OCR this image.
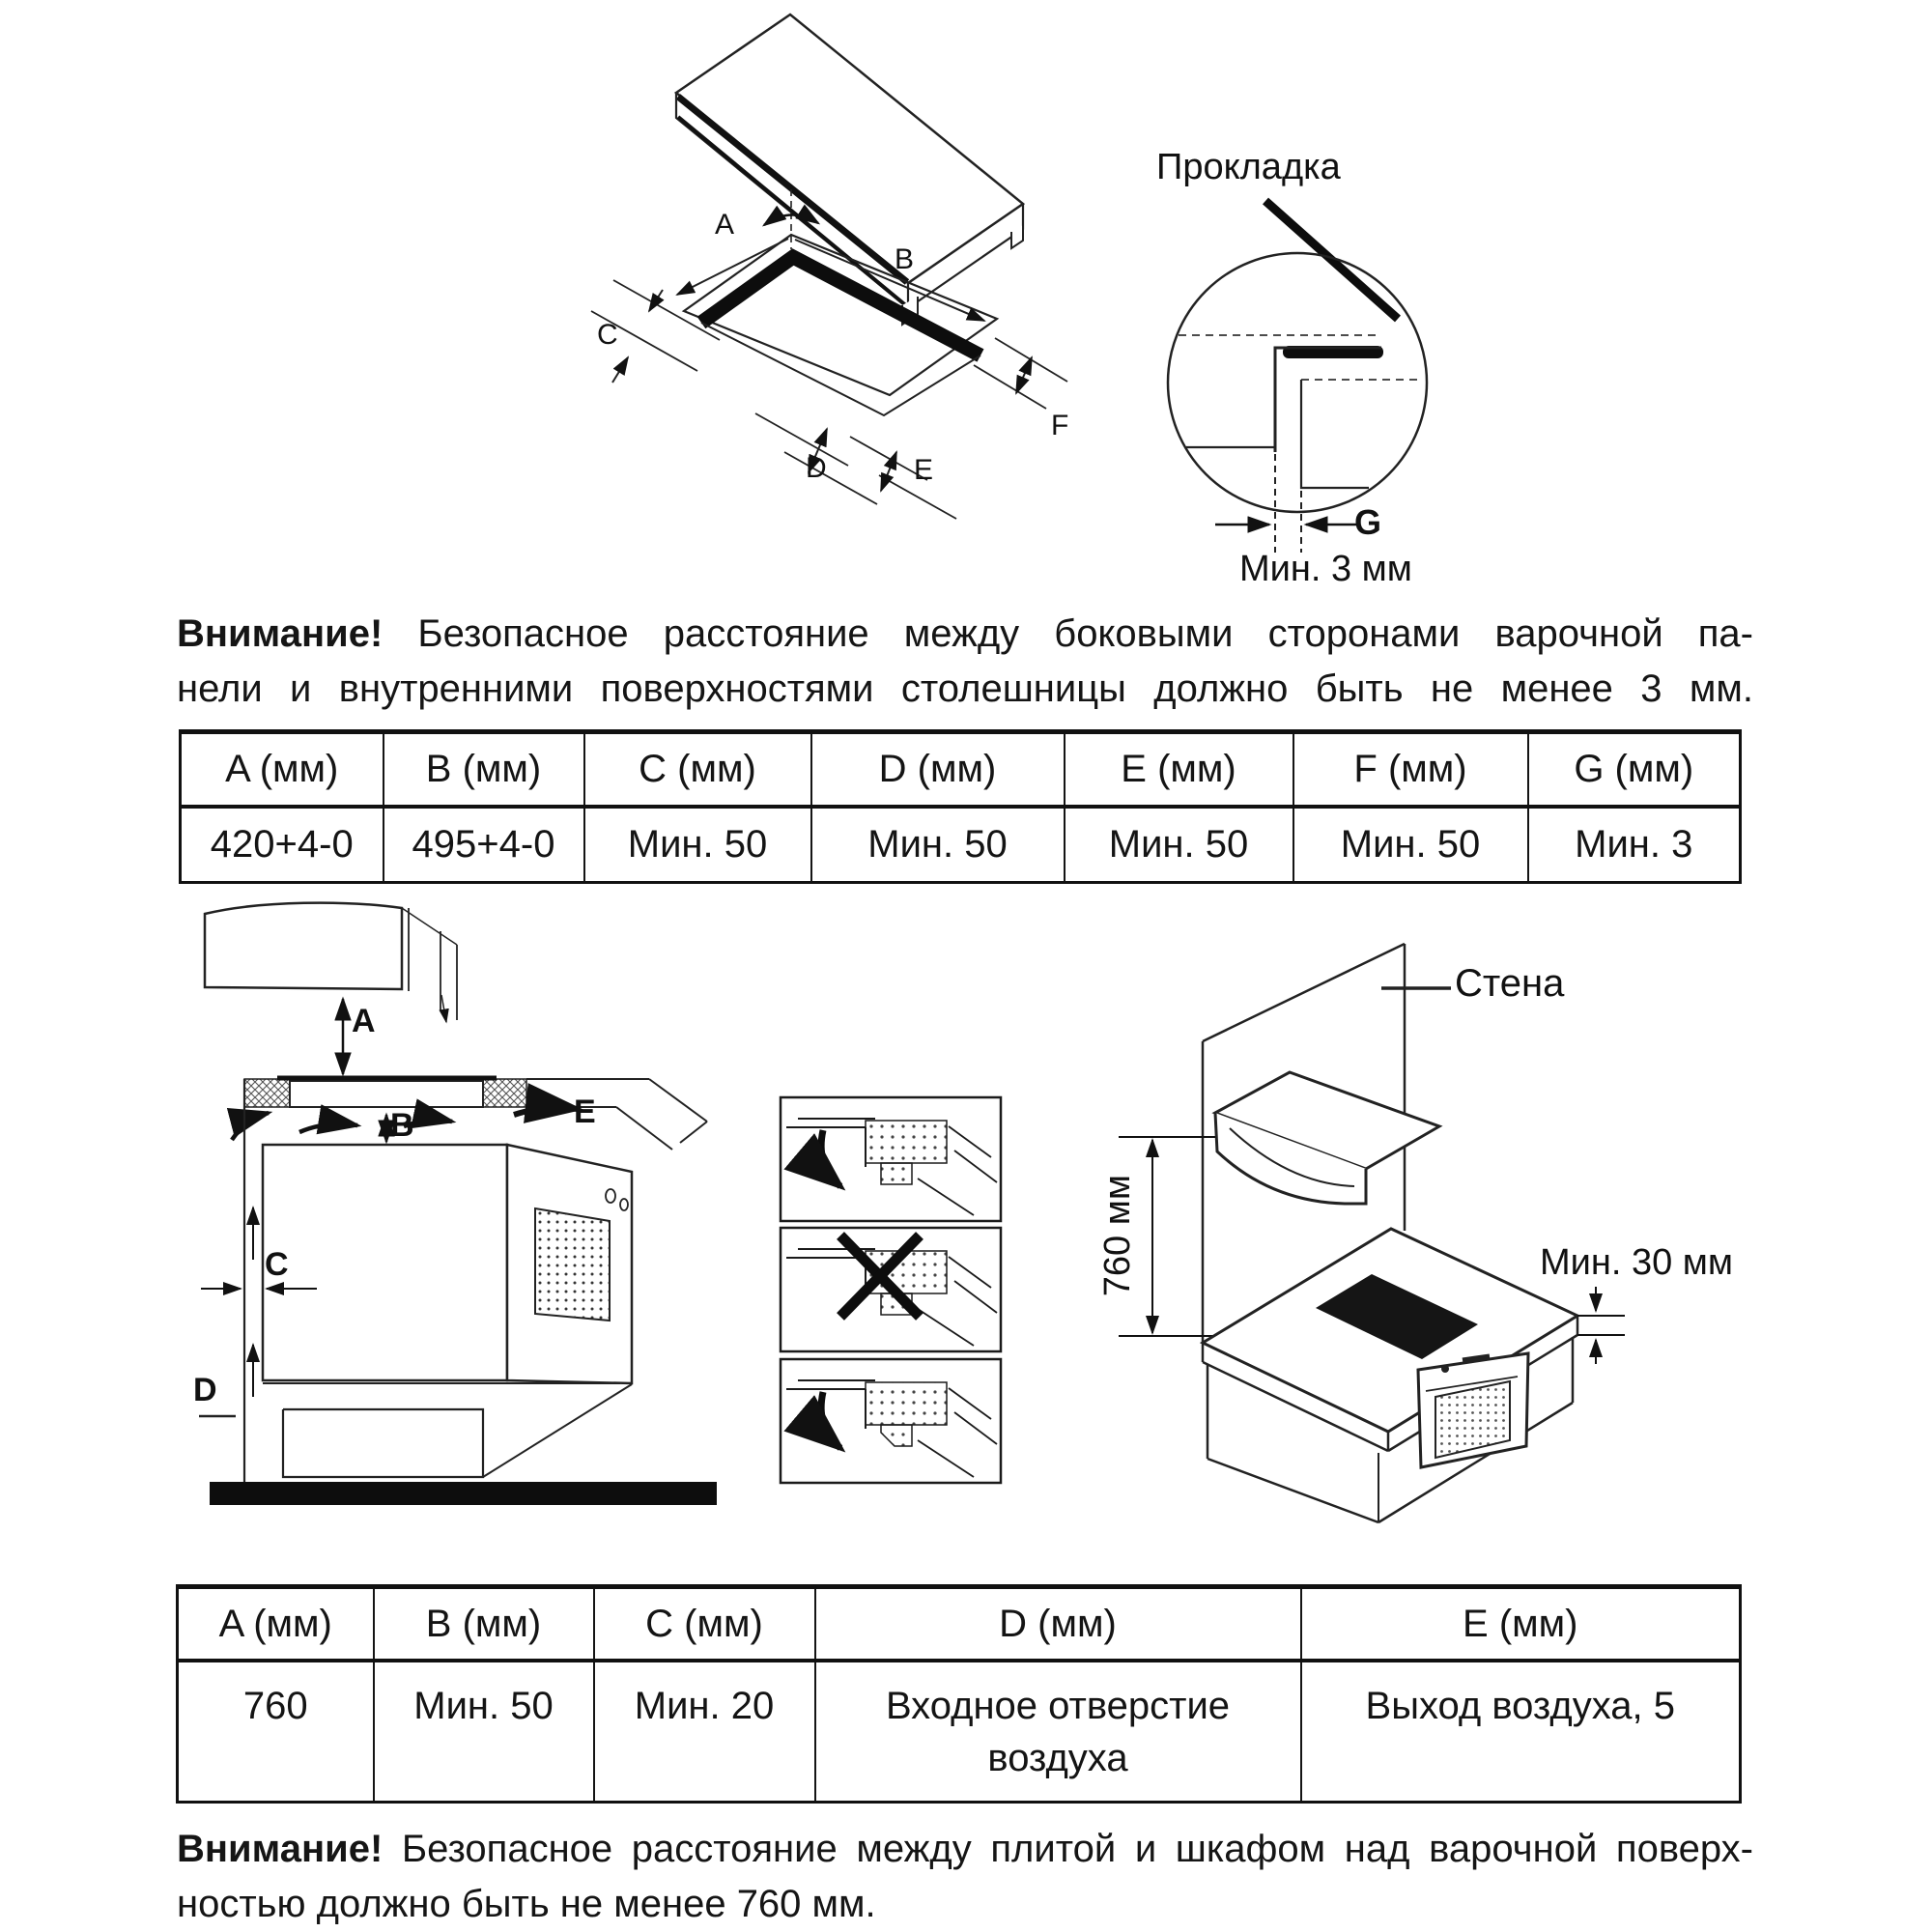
A
B
C
D	E
F
Прокладка
G
Мин. 3 мм
Внимание! Безопасное расстояние между боковыми сторонами варочной па-
нели и внутренними поверхностями столешницы должно быть не менее 3 мм.
A (мм)	B (мм)	C (мм)	D (мм)	E (мм)	F (мм)	G (мм)
420+4-0	495+4-0	Мин. 50	Мин. 50	Мин. 50	Мин. 50	Мин. 3
A
B
C
D
E
Стена
760 мм	Мин. 30 мм
A (мм)	B (мм)	C (мм)	D (мм)	E (мм)
760	Мин. 50	Мин. 20	Входное отверстие воздуха	Выход воздуха, 5
Внимание! Безопасное расстояние между плитой и шкафом над варочной поверх-
ностью должно быть не менее 760 мм.
